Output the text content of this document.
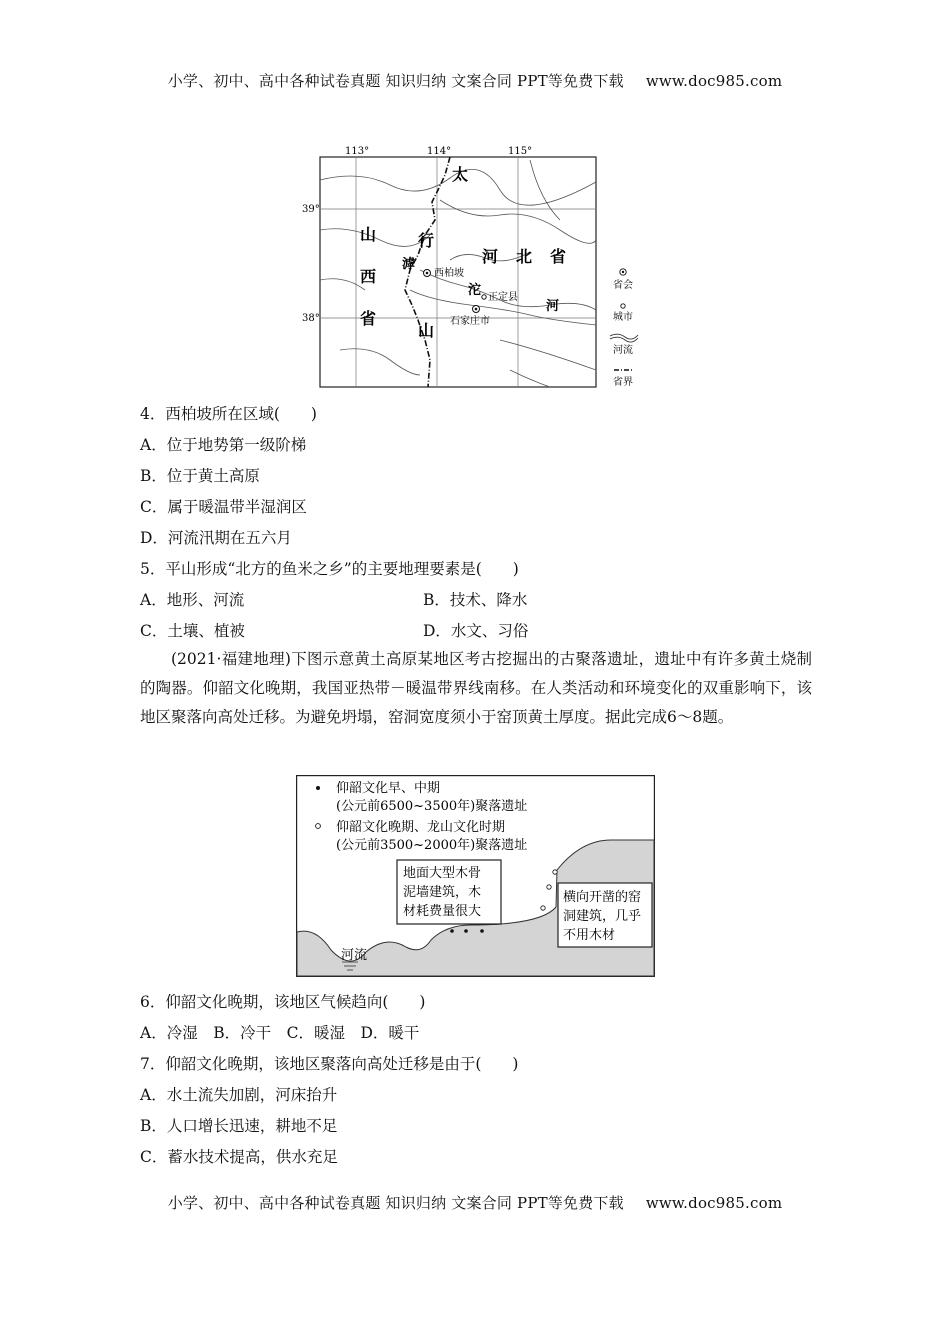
小学、初中、高中各种试卷真题 知识归纳 文案合同 PPT等免费下载 www.doc985.com
113°	114°	115°
39°
38°
太
行
山
山
西
省
河 北 省
滹
沱
河
西柏坡
正定县
石家庄市
省会
城市
河流
省界
4．西柏坡所在区域(　　)
A．位于地势第一级阶梯
B．位于黄土高原
C．属于暖温带半湿润区
D．河流汛期在五六月
5．平山形成“北方的鱼米之乡”的主要地理要素是(　　)
A．地形、河流	B．技术、降水
C．土壤、植被	D．水文、习俗
(2021·福建地理)下图示意黄土高原某地区考古挖掘出的古聚落遗址，遗址中有许多黄土烧制的陶器。仰韶文化晚期，我国亚热带－暖温带界线南移。在人类活动和环境变化的双重影响下，该地区聚落向高处迁移。为避免坍塌，窑洞宽度须小于窑顶黄土厚度。据此完成6～8题。
河流
仰韶文化早、中期
(公元前6500~3500年)聚落遗址
仰韶文化晚期、龙山文化时期
(公元前3500~2000年)聚落遗址
地面大型木骨
泥墙建筑，木
材耗费量很大
横向开凿的窑
洞建筑，几乎
不用木材
6．仰韶文化晚期，该地区气候趋向(　　)
A．冷湿　B．冷干　C．暖湿　D．暖干
7．仰韶文化晚期，该地区聚落向高处迁移是由于(　　)
A．水土流失加剧，河床抬升
B．人口增长迅速，耕地不足
C．蓄水技术提高，供水充足
小学、初中、高中各种试卷真题 知识归纳 文案合同 PPT等免费下载 www.doc985.com
